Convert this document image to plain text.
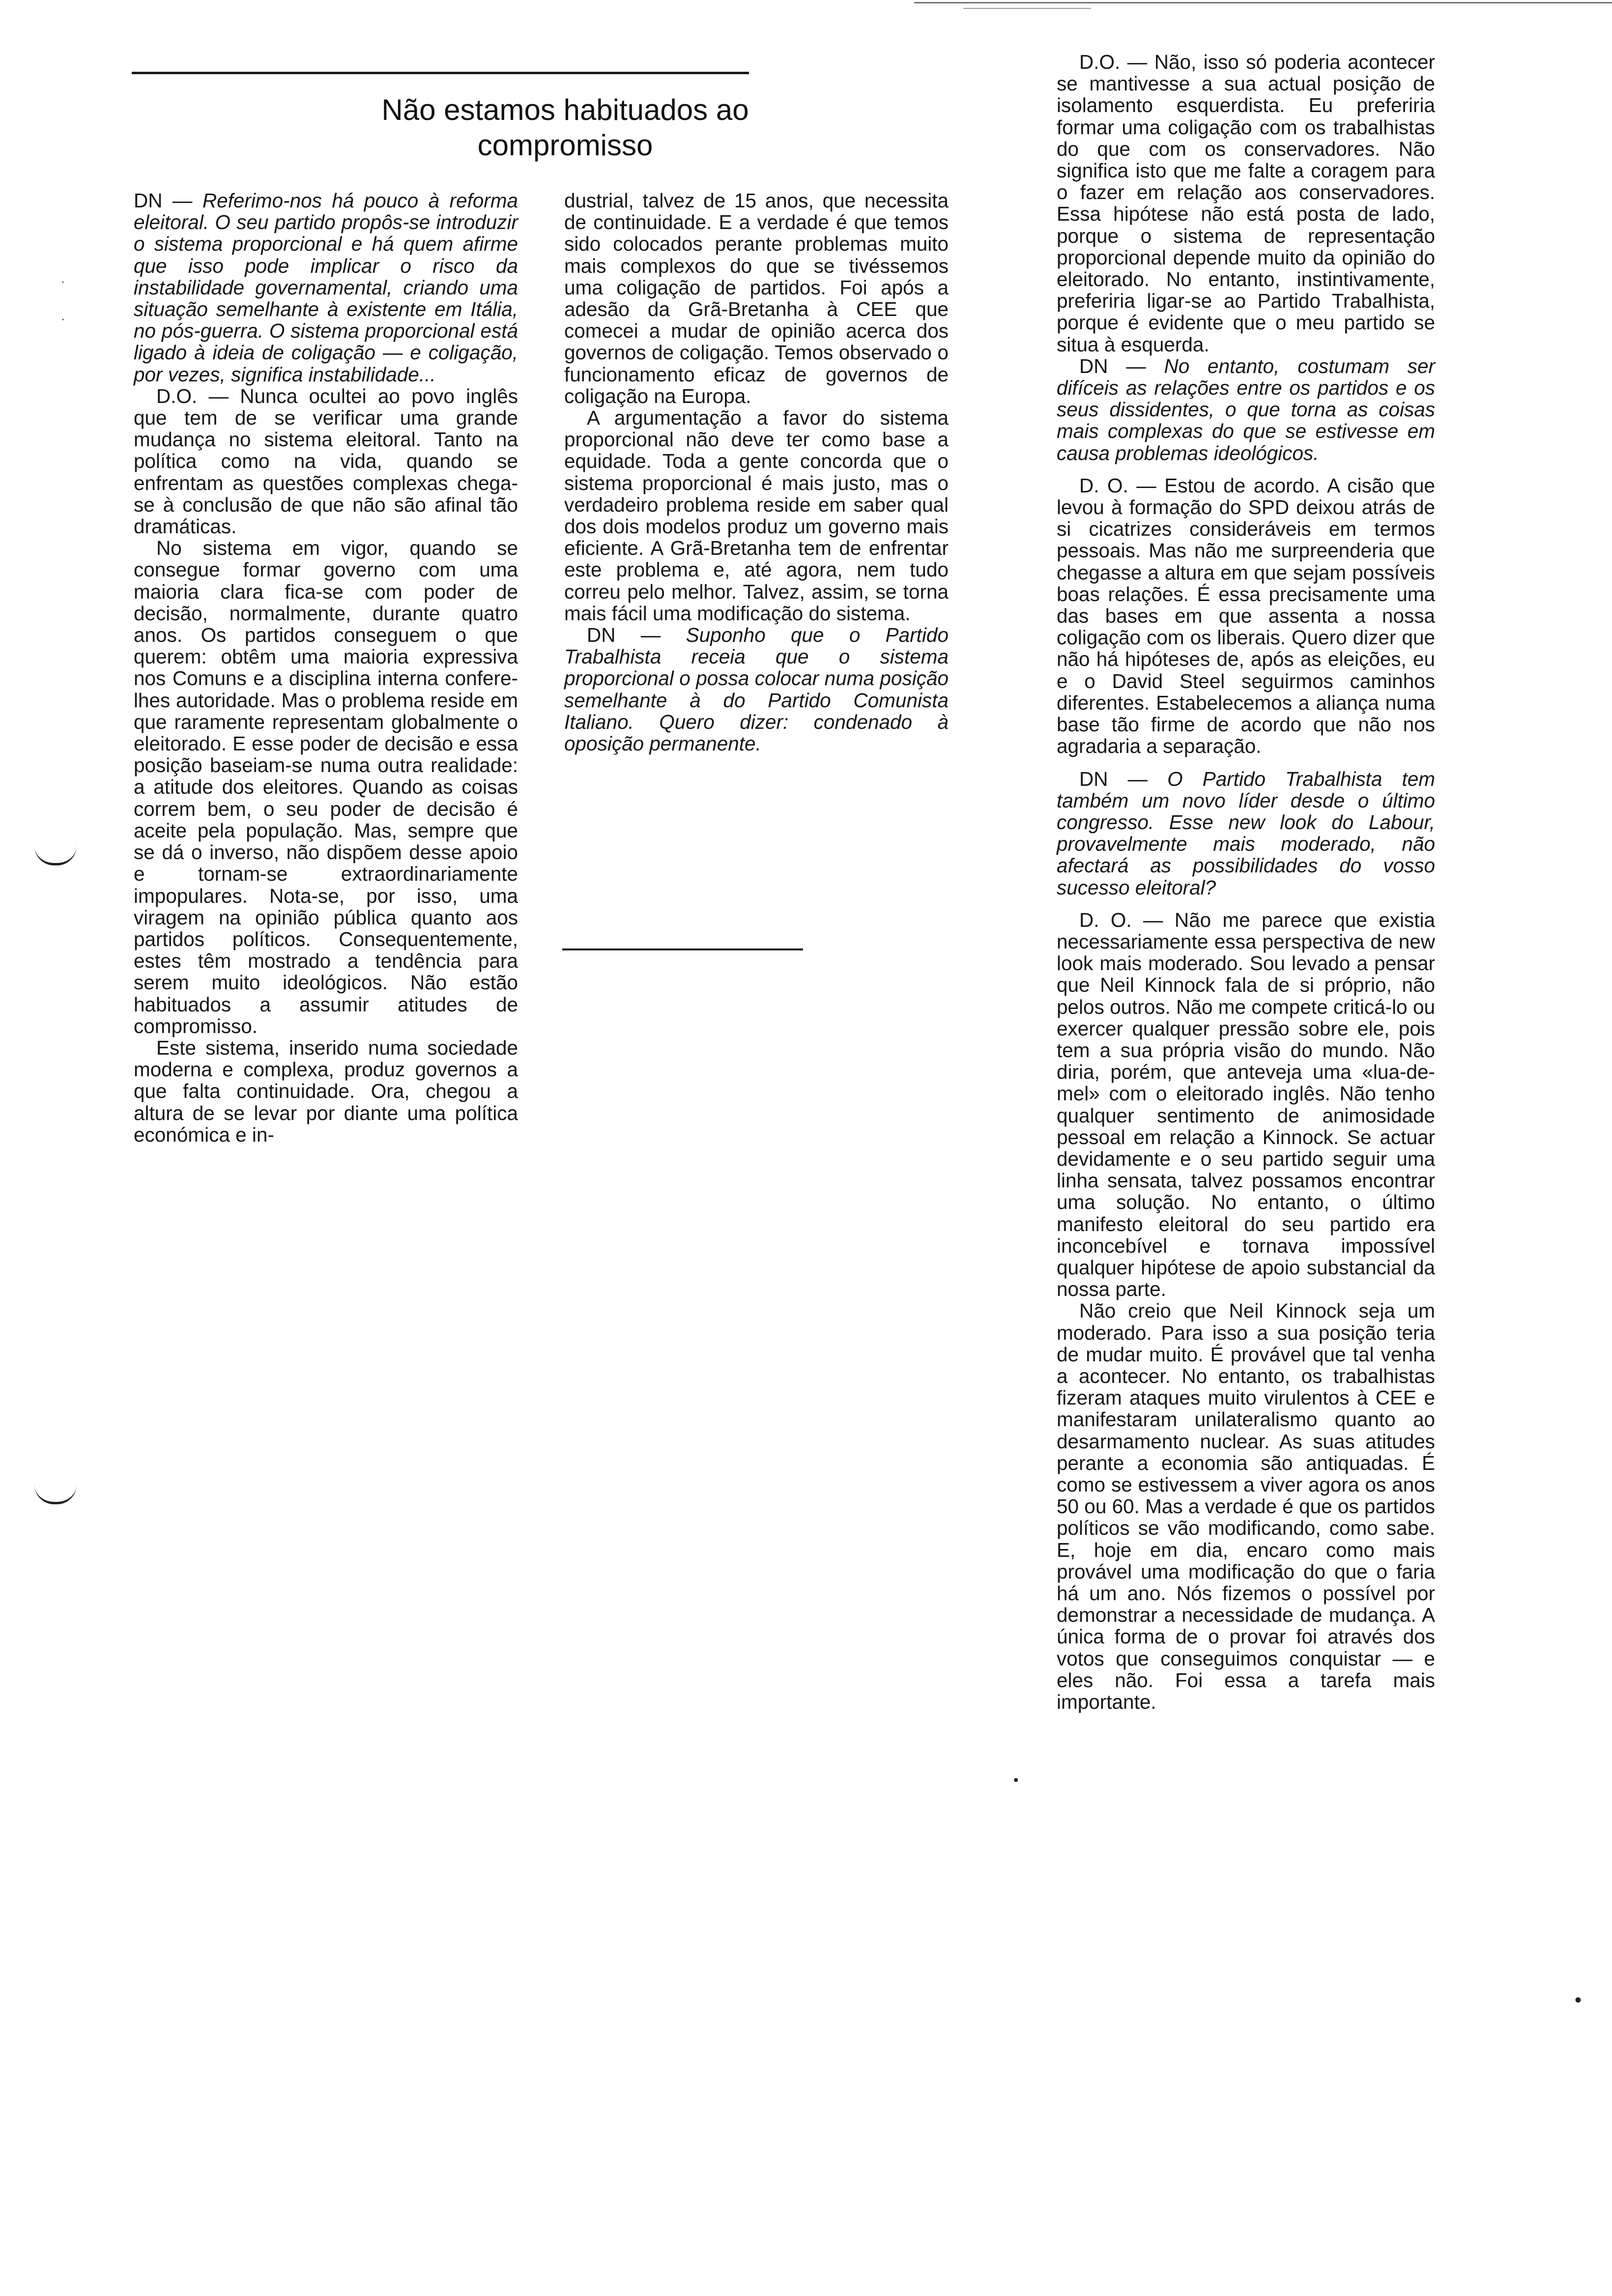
Não estamos habituados ao
compromisso

DN — Referimo-nos há pouco à reforma eleitoral. O seu partido propôs-se introduzir o sistema proporcional e há quem afirme que isso pode implicar o risco da instabilidade governamental, criando uma situação semelhante à existente em Itália, no pós-guerra. O sistema proporcional está ligado à ideia de coligação — e coligação, por vezes, significa instabilidade...

D.O. — Nunca ocultei ao povo inglês que tem de se verificar uma grande mudança no sistema eleitoral. Tanto na política como na vida, quando se enfrentam as questões complexas chega-se à conclusão de que não são afinal tão dramáticas.

No sistema em vigor, quando se consegue formar governo com uma maioria clara fica-se com poder de decisão, normalmente, durante quatro anos. Os partidos conseguem o que querem: obtêm uma maioria expressiva nos Comuns e a disciplina interna confere-lhes autoridade. Mas o problema reside em que raramente representam globalmente o eleitorado. E esse poder de decisão e essa posição baseiam-se numa outra realidade: a atitude dos eleitores. Quando as coisas correm bem, o seu poder de decisão é aceite pela população. Mas, sempre que se dá o inverso, não dispõem desse apoio e tornam-se extraordinariamente impopulares. Nota-se, por isso, uma viragem na opinião pública quanto aos partidos políticos. Consequentemente, estes têm mostrado a tendência para serem muito ideológicos. Não estão habituados a assumir atitudes de compromisso.

Este sistema, inserido numa sociedade moderna e complexa, produz governos a que falta continuidade. Ora, chegou a altura de se levar por diante uma política económica e in-

dustrial, talvez de 15 anos, que necessita de continuidade. E a verdade é que temos sido colocados perante problemas muito mais complexos do que se tivéssemos uma coligação de partidos. Foi após a adesão da Grã-Bretanha à CEE que comecei a mudar de opinião acerca dos governos de coligação. Temos observado o funcionamento eficaz de governos de coligação na Europa.

A argumentação a favor do sistema proporcional não deve ter como base a equidade. Toda a gente concorda que o sistema proporcional é mais justo, mas o verdadeiro problema reside em saber qual dos dois modelos produz um governo mais eficiente. A Grã-Bretanha tem de enfrentar este problema e, até agora, nem tudo correu pelo melhor. Talvez, assim, se torna mais fácil uma modificação do sistema.

DN — Suponho que o Partido Trabalhista receia que o sistema proporcional o possa colocar numa posição semelhante à do Partido Comunista Italiano. Quero dizer: condenado à oposição permanente.

D.O. — Não, isso só poderia acontecer se mantivesse a sua actual posição de isolamento esquerdista. Eu preferiria formar uma coligação com os trabalhistas do que com os conservadores. Não significa isto que me falte a coragem para o fazer em relação aos conservadores. Essa hipótese não está posta de lado, porque o sistema de representação proporcional depende muito da opinião do eleitorado. No entanto, instintivamente, preferiria ligar-se ao Partido Trabalhista, porque é evidente que o meu partido se situa à esquerda.

DN — No entanto, costumam ser difíceis as relações entre os partidos e os seus dissidentes, o que torna as coisas mais complexas do que se estivesse em causa problemas ideológicos.

D. O. — Estou de acordo. A cisão que levou à formação do SPD deixou atrás de si cicatrizes consideráveis em termos pessoais. Mas não me surpreenderia que chegasse a altura em que sejam possíveis boas relações. É essa precisamente uma das bases em que assenta a nossa coligação com os liberais. Quero dizer que não há hipóteses de, após as eleições, eu e o David Steel seguirmos caminhos diferentes. Estabelecemos a aliança numa base tão firme de acordo que não nos agradaria a separação.

DN — O Partido Trabalhista tem também um novo líder desde o último congresso. Esse new look do Labour, provavelmente mais moderado, não afectará as possibilidades do vosso sucesso eleitoral?

D. O. — Não me parece que existia necessariamente essa perspectiva de new look mais moderado. Sou levado a pensar que Neil Kinnock fala de si próprio, não pelos outros. Não me compete criticá-lo ou exercer qualquer pressão sobre ele, pois tem a sua própria visão do mundo. Não diria, porém, que anteveja uma «lua-de-mel» com o eleitorado inglês. Não tenho qualquer sentimento de animosidade pessoal em relação a Kinnock. Se actuar devidamente e o seu partido seguir uma linha sensata, talvez possamos encontrar uma solução. No entanto, o último manifesto eleitoral do seu partido era inconcebível e tornava impossível qualquer hipótese de apoio substancial da nossa parte.

Não creio que Neil Kinnock seja um moderado. Para isso a sua posição teria de mudar muito. É provável que tal venha a acontecer. No entanto, os trabalhistas fizeram ataques muito virulentos à CEE e manifestaram unilateralismo quanto ao desarmamento nuclear. As suas atitudes perante a economia são antiquadas. É como se estivessem a viver agora os anos 50 ou 60. Mas a verdade é que os partidos políticos se vão modificando, como sabe. E, hoje em dia, encaro como mais provável uma modificação do que o faria há um ano. Nós fizemos o possível por demonstrar a necessidade de mudança. A única forma de o provar foi através dos votos que conseguimos conquistar — e eles não. Foi essa a tarefa mais importante.

•
•
·
·
